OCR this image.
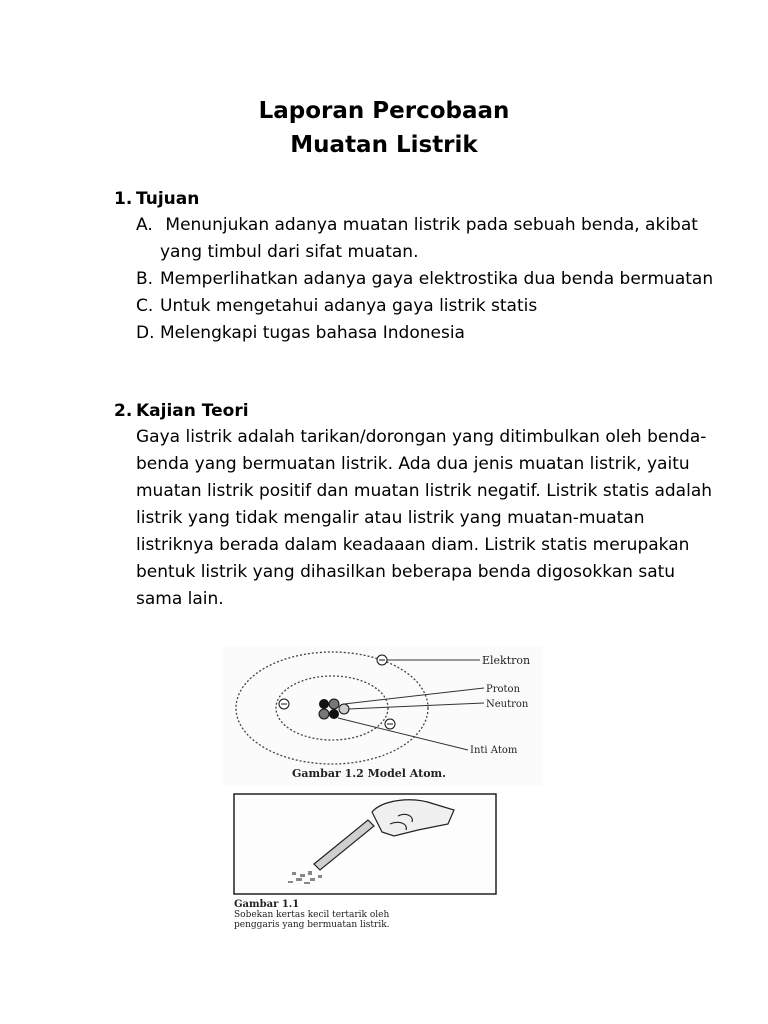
Laporan Percobaan
Muatan Listrik
1. Tujuan
A. Menunjukan adanya muatan listrik pada sebuah benda, akibat yang timbul dari sifat muatan.
B. Memperlihatkan adanya gaya elektrostika dua benda bermuatan
C. Untuk mengetahui adanya gaya listrik statis
D. Melengkapi tugas bahasa Indonesia
2. Kajian Teori
Gaya listrik adalah tarikan/dorongan yang ditimbulkan oleh benda-benda yang bermuatan listrik. Ada dua jenis muatan listrik, yaitu muatan listrik positif dan muatan listrik negatif. Listrik statis adalah listrik yang tidak mengalir atau listrik yang muatan-muatan listriknya berada dalam keadaaan diam. Listrik statis merupakan bentuk listrik yang dihasilkan beberapa benda digosokkan satu sama lain.
Elektron
Proton
Neutron
Inti Atom
Gambar 1.2 Model Atom.
Gambar 1.1
Sobekan kertas kecil tertarik oleh
penggaris yang bermuatan listrik.
